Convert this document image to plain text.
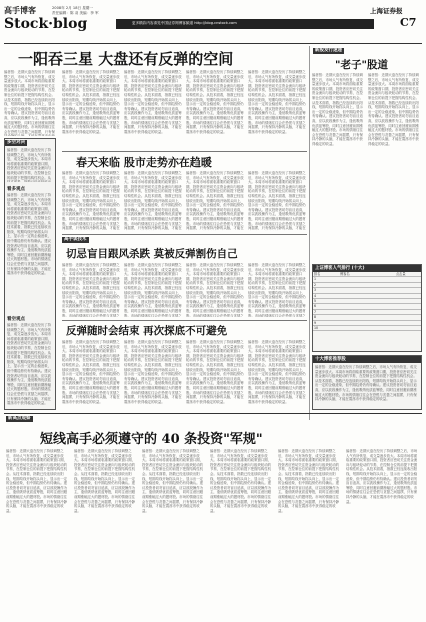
高手博客
Stock·blog
2008年 2月 18日 星期一
责任编辑：陈 羽 美编：李 军	上海证券报
更多精彩内容请见中国证券网博客频道 http://blog.cnstock.com	C7
一阳吞三星 大盘还有反弹的空间
编者按：近期大盘在经历了持续调整之后，市场人气有所恢复，成交量逐步放大。本周市场将面临重要的政策窗口期，投资者应密切关注资金流向与板块轮动的节奏，在控制仓位的前提下把握结构性机会。从技术面看，指数已经连续收出阳线，短期均线开始拐头向上，显示出一定的企稳迹象，但中期趋势仍有待确认。建议投资者切勿盲目追高，应以波段操作为主，逢低吸纳优质蓝筹股，同时注意回避前期涨幅过大的题材股。市场的情绪往往会在恐慌与贪婪之间摇摆，只有保
编者按：近期大盘在经历了持续调整之后，市场人气有所恢复，成交量逐步放大。本周市场将面临重要的政策窗口期，投资者应密切关注资金流向与板块轮动的节奏，在控制仓位的前提下把握结构性机会。从技术面看，指数已经连续收出阳线，短期均线开始拐头向上，显示出一定的企稳迹象，但中期趋势仍有待确认。建议投资者切勿盲目追高，应以波段操作为主，逢低吸纳优质蓝筹股，同时注意回避前期涨幅过大的题材股。市场的情绪往往会在恐慌与贪婪之间摇摆，只有保持冷静的头脑，才能在震荡市中获得稳定的收益。
编者按：近期大盘在经历了持续调整之后，市场人气有所恢复，成交量逐步放大。本周市场将面临重要的政策窗口期，投资者应密切关注资金流向与板块轮动的节奏，在控制仓位的前提下把握结构性机会。从技术面看，指数已经连续收出阳线，短期均线开始拐头向上，显示出一定的企稳迹象，但中期趋势仍有待确认。建议投资者切勿盲目追高，应以波段操作为主，逢低吸纳优质蓝筹股，同时注意回避前期涨幅过大的题材股。市场的情绪往往会在恐慌与贪婪之间摇摆，只有保持冷静的头脑，才能在震荡市中获得稳定的收益。
编者按：近期大盘在经历了持续调整之后，市场人气有所恢复，成交量逐步放大。本周市场将面临重要的政策窗口期，投资者应密切关注资金流向与板块轮动的节奏，在控制仓位的前提下把握结构性机会。从技术面看，指数已经连续收出阳线，短期均线开始拐头向上，显示出一定的企稳迹象，但中期趋势仍有待确认。建议投资者切勿盲目追高，应以波段操作为主，逢低吸纳优质蓝筹股，同时注意回避前期涨幅过大的题材股。市场的情绪往往会在恐慌与贪婪之间摇摆，只有保持冷静的头脑，才能在震荡市中获得稳定的收益。
编者按：近期大盘在经历了持续调整之后，市场人气有所恢复，成交量逐步放大。本周市场将面临重要的政策窗口期，投资者应密切关注资金流向与板块轮动的节奏，在控制仓位的前提下把握结构性机会。从技术面看，指数已经连续收出阳线，短期均线开始拐头向上，显示出一定的企稳迹象，但中期趋势仍有待确认。建议投资者切勿盲目追高，应以波段操作为主，逢低吸纳优质蓝筹股，同时注意回避前期涨幅过大的题材股。市场的情绪往往会在恐慌与贪婪之间摇摆，只有保持冷静的头脑，才能在震荡市中获得稳定的收益。
多空对决
编者按：近期大盘在经历了持续调整之后，市场人气有所恢复，成交量逐步放大。本周市场将面临重要的政策窗口期，投资者应密切关注资金流向与板块轮动的节奏，在控制仓位的前提下把握结构性机会。从
看多观点
编者按：近期大盘在经历了持续调整之后，市场人气有所恢复，成交量逐步放大。本周市场将面临重要的政策窗口期，投资者应密切关注资金流向与板块轮动的节奏，在控制仓位的前提下把握结构性机会。从技术面看，指数已经连续收出阳线，短期均线开始拐头向上，显示出一定的企稳迹象，但中期趋势仍有待确认。建议投资者切勿盲目追高，应以波段操作为主，逢低吸纳优质蓝筹股，同时注意回避前期涨幅过大的题材股。市场的情绪往往会在恐慌与贪婪之间摇摆，只有保持冷静的头脑，才能在震荡市中获得稳定的收益。
看空观点
编者按：近期大盘在经历了持续调整之后，市场人气有所恢复，成交量逐步放大。本周市场将面临重要的政策窗口期，投资者应密切关注资金流向与板块轮动的节奏，在控制仓位的前提下把握结构性机会。从技术面看，指数已经连续收出阳线，短期均线开始拐头向上，显示出一定的企稳迹象，但中期趋势仍有待确认。建议投资者切勿盲目追高，应以波段操作为主，逢低吸纳优质蓝筹股，同时注意回避前期涨幅过大的题材股。市场的情绪往往会在恐慌与贪婪之间摇摆，只有保持冷静的头脑，才能在震荡市中获得稳定的收益。
春天来临 股市走势亦在趋暖
编者按：近期大盘在经历了持续调整之后，市场人气有所恢复，成交量逐步放大。本周市场将面临重要的政策窗口期，投资者应密切关注资金流向与板块轮动的节奏，在控制仓位的前提下把握结构性机会。从技术面看，指数已经连续收出阳线，短期均线开始拐头向上，显示出一定的企稳迹象，但中期趋势仍有待确认。建议投资者切勿盲目追高，应以波段操作为主，逢低吸纳优质蓝筹股，同时注意回避前期涨幅过大的题材股。市场的情绪往往会在恐慌与贪婪之间摇摆，只有保持冷静的头脑，才能在
编者按：近期大盘在经历了持续调整之后，市场人气有所恢复，成交量逐步放大。本周市场将面临重要的政策窗口期，投资者应密切关注资金流向与板块轮动的节奏，在控制仓位的前提下把握结构性机会。从技术面看，指数已经连续收出阳线，短期均线开始拐头向上，显示出一定的企稳迹象，但中期趋势仍有待确认。建议投资者切勿盲目追高，应以波段操作为主，逢低吸纳优质蓝筹股，同时注意回避前期涨幅过大的题材股。市场的情绪往往会在恐慌与贪婪之间摇摆，只有保持冷静的头脑，才能在
编者按：近期大盘在经历了持续调整之后，市场人气有所恢复，成交量逐步放大。本周市场将面临重要的政策窗口期，投资者应密切关注资金流向与板块轮动的节奏，在控制仓位的前提下把握结构性机会。从技术面看，指数已经连续收出阳线，短期均线开始拐头向上，显示出一定的企稳迹象，但中期趋势仍有待确认。建议投资者切勿盲目追高，应以波段操作为主，逢低吸纳优质蓝筹股，同时注意回避前期涨幅过大的题材股。市场的情绪往往会在恐慌与贪婪之间摇摆，只有保持冷静的头脑，才能在
编者按：近期大盘在经历了持续调整之后，市场人气有所恢复，成交量逐步放大。本周市场将面临重要的政策窗口期，投资者应密切关注资金流向与板块轮动的节奏，在控制仓位的前提下把握结构性机会。从技术面看，指数已经连续收出阳线，短期均线开始拐头向上，显示出一定的企稳迹象，但中期趋势仍有待确认。建议投资者切勿盲目追高，应以波段操作为主，逢低吸纳优质蓝筹股，同时注意回避前期涨幅过大的题材股。市场的情绪往往会在恐慌与贪婪之间摇摆，只有保持冷静的头脑，才能在
高手谈技术
切忌盲目跟风杀跌 莫被反弹割伤自己
编者按：近期大盘在经历了持续调整之后，市场人气有所恢复，成交量逐步放大。本周市场将面临重要的政策窗口期，投资者应密切关注资金流向与板块轮动的节奏，在控制仓位的前提下把握结构性机会。从技术面看，指数已经连续收出阳线，短期均线开始拐头向上，显示出一定的企稳迹象，但中期趋势仍有待确认。建议投资者切勿盲目追高，应以波段操作为主，逢低吸纳优质蓝筹股，同时注意回避前期涨幅过大的题材股。市场的情绪往往会在恐慌与贪婪之
编者按：近期大盘在经历了持续调整之后，市场人气有所恢复，成交量逐步放大。本周市场将面临重要的政策窗口期，投资者应密切关注资金流向与板块轮动的节奏，在控制仓位的前提下把握结构性机会。从技术面看，指数已经连续收出阳线，短期均线开始拐头向上，显示出一定的企稳迹象，但中期趋势仍有待确认。建议投资者切勿盲目追高，应以波段操作为主，逢低吸纳优质蓝筹股，同时注意回避前期涨幅过大的题材股。市场的情绪往往会在恐慌与贪婪之
编者按：近期大盘在经历了持续调整之后，市场人气有所恢复，成交量逐步放大。本周市场将面临重要的政策窗口期，投资者应密切关注资金流向与板块轮动的节奏，在控制仓位的前提下把握结构性机会。从技术面看，指数已经连续收出阳线，短期均线开始拐头向上，显示出一定的企稳迹象，但中期趋势仍有待确认。建议投资者切勿盲目追高，应以波段操作为主，逢低吸纳优质蓝筹股，同时注意回避前期涨幅过大的题材股。市场的情绪往往会在恐慌与贪婪之
编者按：近期大盘在经历了持续调整之后，市场人气有所恢复，成交量逐步放大。本周市场将面临重要的政策窗口期，投资者应密切关注资金流向与板块轮动的节奏，在控制仓位的前提下把握结构性机会。从技术面看，指数已经连续收出阳线，短期均线开始拐头向上，显示出一定的企稳迹象，但中期趋势仍有待确认。建议投资者切勿盲目追高，应以波段操作为主，逢低吸纳优质蓝筹股，同时注意回避前期涨幅过大的题材股。市场的情绪往往会在恐慌与贪婪之
反弹随时会结束 再次探底不可避免
编者按：近期大盘在经历了持续调整之后，市场人气有所恢复，成交量逐步放大。本周市场将面临重要的政策窗口期，投资者应密切关注资金流向与板块轮动的节奏，在控制仓位的前提下把握结构性机会。从技术面看，指数已经连续收出阳线，短期均线开始拐头向上，显示出一定的企稳迹象，但中期趋势仍有待确认。建议投资者切勿盲目追高，应以波段操作为主，逢低吸纳优质蓝筹股，同时注意回避前期涨幅过大的题材股。市场的情绪往往会在恐慌与贪婪之间摇摆，只有保持冷静的头脑，才能在震荡市中获得稳定的收益。
编者按：近期大盘在经历了持续调整之后，市场人气有所恢复，成交量逐步放大。本周市场将面临重要的政策窗口期，投资者应密切关注资金流向与板块轮动的节奏，在控制仓位的前提下把握结构性机会。从技术面看，指数已经连续收出阳线，短期均线开始拐头向上，显示出一定的企稳迹象，但中期趋势仍有待确认。建议投资者切勿盲目追高，应以波段操作为主，逢低吸纳优质蓝筹股，同时注意回避前期涨幅过大的题材股。市场的情绪往往会在恐慌与贪婪之间摇摆，只有保持冷静的头脑，才能在震荡市中获得稳定的收益。
编者按：近期大盘在经历了持续调整之后，市场人气有所恢复，成交量逐步放大。本周市场将面临重要的政策窗口期，投资者应密切关注资金流向与板块轮动的节奏，在控制仓位的前提下把握结构性机会。从技术面看，指数已经连续收出阳线，短期均线开始拐头向上，显示出一定的企稳迹象，但中期趋势仍有待确认。建议投资者切勿盲目追高，应以波段操作为主，逢低吸纳优质蓝筹股，同时注意回避前期涨幅过大的题材股。市场的情绪往往会在恐慌与贪婪之间摇摆，只有保持冷静的头脑，才能在震荡市中获得稳定的收益。
编者按：近期大盘在经历了持续调整之后，市场人气有所恢复，成交量逐步放大。本周市场将面临重要的政策窗口期，投资者应密切关注资金流向与板块轮动的节奏，在控制仓位的前提下把握结构性机会。从技术面看，指数已经连续收出阳线，短期均线开始拐头向上，显示出一定的企稳迹象，但中期趋势仍有待确认。建议投资者切勿盲目追高，应以波段操作为主，逢低吸纳优质蓝筹股，同时注意回避前期涨幅过大的题材股。市场的情绪往往会在恐慌与贪婪之间摇摆，只有保持冷静的头脑，才能在震荡市中获得稳定的收益。
新股发行速递
"老子"股道
编者按：近期大盘在经历了持续调整之后，市场人气有所恢复，成交量逐步放大。本周市场将面临重要的政策窗口期，投资者应密切关注资金流向与板块轮动的节奏，在控制仓位的前提下把握结构性机会。从技术面看，指数已经连续收出阳线，短期均线开始拐头向上，显示出一定的企稳迹象，但中期趋势仍有待确认。建议投资者切勿盲目追高，应以波段操作为主，逢低吸纳优质蓝筹股，同时注意回避前期涨幅过大的题材股。市场的情绪往往会在恐慌与贪婪之间摇摆，只有保持冷静的头脑，才能在震荡市中获得稳定的收益。
编者按：近期大盘在经历了持续调整之后，市场人气有所恢复，成交量逐步放大。本周市场将面临重要的政策窗口期，投资者应密切关注资金流向与板块轮动的节奏，在控制仓位的前提下把握结构性机会。从技术面看，指数已经连续收出阳线，短期均线开始拐头向上，显示出一定的企稳迹象，但中期趋势仍有待确认。建议投资者切勿盲目追高，应以波段操作为主，逢低吸纳优质蓝筹股，同时注意回避前期涨幅过大的题材股。市场的情绪往往会在恐慌与贪婪之间摇摆，只有保持冷静的头脑，才能在震荡市中获得稳定的收益。
上证博客人气排行 (十大)
排名	博客名	点击量
1
2
3
4
5
6
7
8
9
10
十大博客推荐股
编者按：近期大盘在经历了持续调整之后，市场人气有所恢复，成交量逐步放大。本周市场将面临重要的政策窗口期，投资者应密切关注资金流向与板块轮动的节奏，在控制仓位的前提下把握结构性机会。从技术面看，指数已经连续收出阳线，短期均线开始拐头向上，显示出一定的企稳迹象，但中期趋势仍有待确认。建议投资者切勿盲目追高，应以波段操作为主，逢低吸纳优质蓝筹股，同时注意回避前期涨幅过大的题材股。市场的情绪往往会在恐慌与贪婪之间摇摆，只有保持冷静的头脑，才能在震荡市中获得稳定的收益。
新高点观察
短线高手必须遵守的 40 条投资"军规"
编者按：近期大盘在经历了持续调整之后，市场人气有所恢复，成交量逐步放大。本周市场将面临重要的政策窗口期，投资者应密切关注资金流向与板块轮动的节奏，在控制仓位的前提下把握结构性机会。从技术面看，指数已经连续收出阳线，短期均线开始拐头向上，显示出一定的企稳迹象，但中期趋势仍有待确认。建议投资者切勿盲目追高，应以波段操作为主，逢低吸纳优质蓝筹股，同时注意回避前期涨幅过大的题材股。市场的情绪往往会在恐慌与贪婪之间摇摆，只有保持冷静的头脑，才能在震荡市中获得稳定的收益。
编者按：近期大盘在经历了持续调整之后，市场人气有所恢复，成交量逐步放大。本周市场将面临重要的政策窗口期，投资者应密切关注资金流向与板块轮动的节奏，在控制仓位的前提下把握结构性机会。从技术面看，指数已经连续收出阳线，短期均线开始拐头向上，显示出一定的企稳迹象，但中期趋势仍有待确认。建议投资者切勿盲目追高，应以波段操作为主，逢低吸纳优质蓝筹股，同时注意回避前期涨幅过大的题材股。市场的情绪往往会在恐慌与贪婪之间摇摆，只有保持冷静的头脑，才能在震荡市中获得稳定的收益。
编者按：近期大盘在经历了持续调整之后，市场人气有所恢复，成交量逐步放大。本周市场将面临重要的政策窗口期，投资者应密切关注资金流向与板块轮动的节奏，在控制仓位的前提下把握结构性机会。从技术面看，指数已经连续收出阳线，短期均线开始拐头向上，显示出一定的企稳迹象，但中期趋势仍有待确认。建议投资者切勿盲目追高，应以波段操作为主，逢低吸纳优质蓝筹股，同时注意回避前期涨幅过大的题材股。市场的情绪往往会在恐慌与贪婪之间摇摆，只有保持冷静的头脑，才能在震荡市中获得稳定的收益。
编者按：近期大盘在经历了持续调整之后，市场人气有所恢复，成交量逐步放大。本周市场将面临重要的政策窗口期，投资者应密切关注资金流向与板块轮动的节奏，在控制仓位的前提下把握结构性机会。从技术面看，指数已经连续收出阳线，短期均线开始拐头向上，显示出一定的企稳迹象，但中期趋势仍有待确认。建议投资者切勿盲目追高，应以波段操作为主，逢低吸纳优质蓝筹股，同时注意回避前期涨幅过大的题材股。市场的情绪往往会在恐慌与贪婪之间摇摆，只有保持冷静的头脑，才能在震荡市中获得稳定的收益。
编者按：近期大盘在经历了持续调整之后，市场人气有所恢复，成交量逐步放大。本周市场将面临重要的政策窗口期，投资者应密切关注资金流向与板块轮动的节奏，在控制仓位的前提下把握结构性机会。从技术面看，指数已经连续收出阳线，短期均线开始拐头向上，显示出一定的企稳迹象，但中期趋势仍有待确认。建议投资者切勿盲目追高，应以波段操作为主，逢低吸纳优质蓝筹股，同时注意回避前期涨幅过大的题材股。市场的情绪往往会在恐慌与贪婪之间摇摆，只有保持冷静的头脑，才能在震荡市中获得稳定的收益。
编者按：近期大盘在经历了持续调整之后，市场人气有所恢复，成交量逐步放大。本周市场将面临重要的政策窗口期，投资者应密切关注资金流向与板块轮动的节奏，在控制仓位的前提下把握结构性机会。从技术面看，指数已经连续收出阳线，短期均线开始拐头向上，显示出一定的企稳迹象，但中期趋势仍有待确认。建议投资者切勿盲目追高，应以波段操作为主，逢低吸纳优质蓝筹股，同时注意回避前期涨幅过大的题材股。市场的情绪往往会在恐慌与贪婪之间摇摆，只有保持冷静的头脑，才能在震荡市中获得稳定的收益。
